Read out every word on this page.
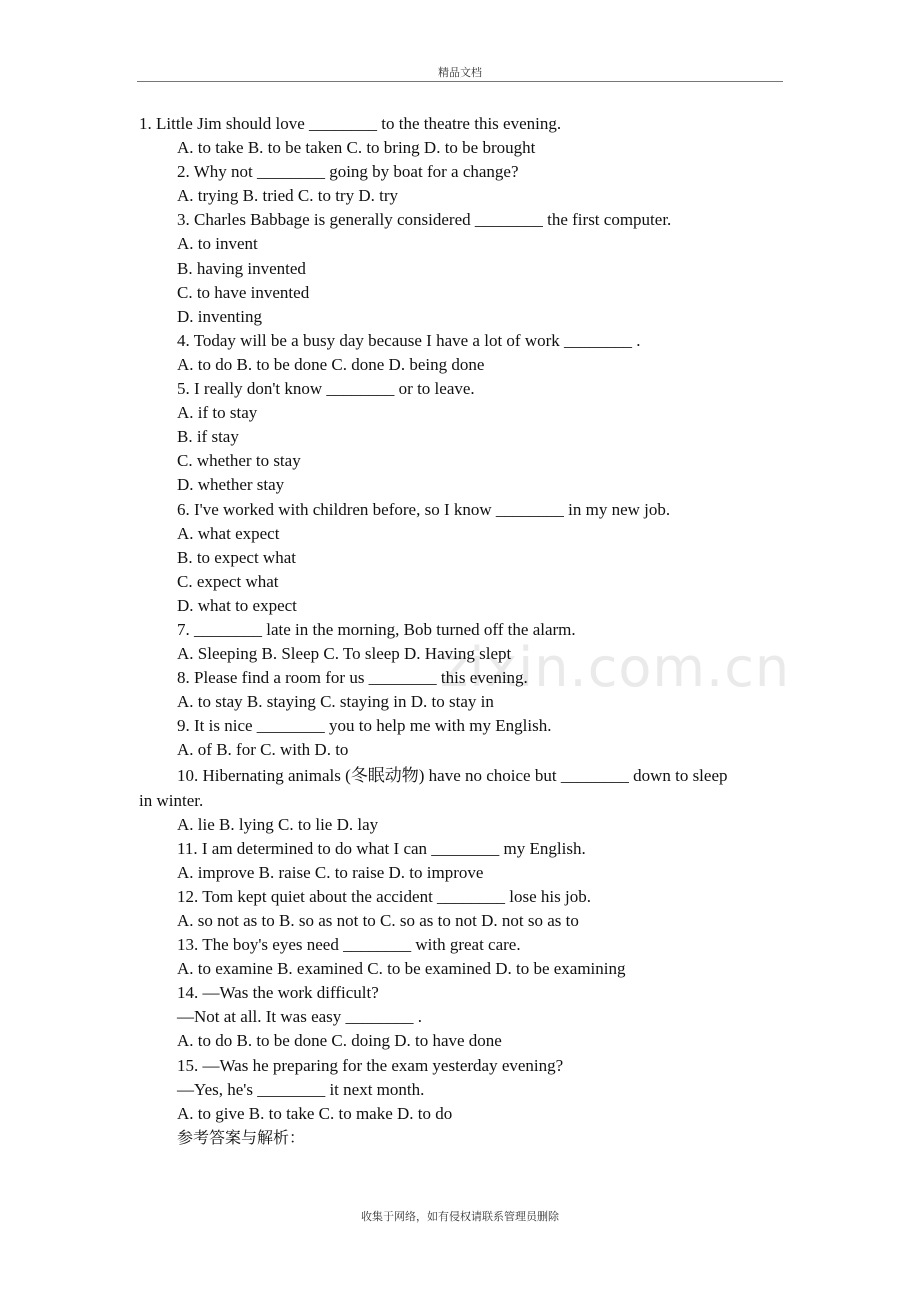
精品文档
zixin.com.cn
1. Little Jim should love ________ to the theatre this evening.
A. to take B. to be taken C. to bring D. to be brought
2. Why not ________ going by boat for a change?
A. trying B. tried C. to try D. try
3. Charles Babbage is generally considered ________ the first computer.
A. to invent
B. having invented
C. to have invented
D. inventing
4. Today will be a busy day because I have a lot of work ________ .
A. to do B. to be done C. done D. being done
5. I really don't know ________ or to leave.
A. if to stay
B. if stay
C. whether to stay
D. whether stay
6. I've worked with children before, so I know ________ in my new job.
A. what expect
B. to expect what
C. expect what
D. what to expect
7. ________ late in the morning, Bob turned off the alarm.
A. Sleeping B. Sleep C. To sleep D. Having slept
8. Please find a room for us ________ this evening.
A. to stay B. staying C. staying in D. to stay in
9. It is nice ________ you to help me with my English.
A. of B. for C. with D. to
10. Hibernating animals (冬眠动物) have no choice but ________ down to sleep
in winter.
A. lie B. lying C. to lie D. lay
11. I am determined to do what I can ________ my English.
A. improve B. raise C. to raise D. to improve
12. Tom kept quiet about the accident ________ lose his job.
A. so not as to B. so as not to C. so as to not D. not so as to
13. The boy's eyes need ________ with great care.
A. to examine B. examined C. to be examined D. to be examining
14. —Was the work difficult?
—Not at all. It was easy ________ .
A. to do B. to be done C. doing D. to have done
15. —Was he preparing for the exam yesterday evening?
—Yes, he's ________ it next month.
A. to give B. to take C. to make D. to do
参考答案与解析：
收集于网络，如有侵权请联系管理员删除
